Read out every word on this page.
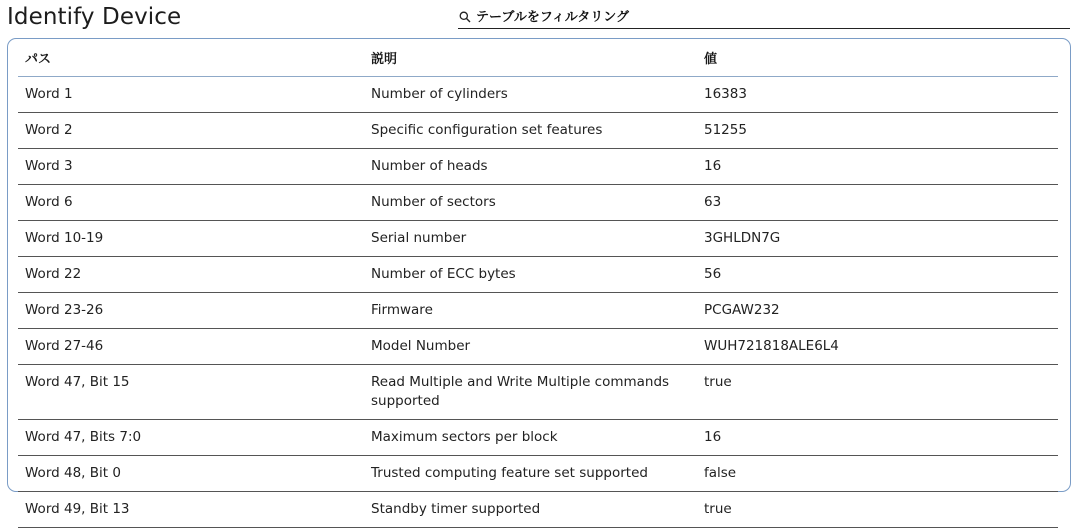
Identify Device
テーブルをフィルタリング
パス	説明	値
Word 1	Number of cylinders	16383
Word 2	Specific configuration set features	51255
Word 3	Number of heads	16
Word 6	Number of sectors	63
Word 10-19	Serial number	3GHLDN7G
Word 22	Number of ECC bytes	56
Word 23-26	Firmware	PCGAW232
Word 27-46	Model Number	WUH721818ALE6L4
Word 47, Bit 15	Read Multiple and Write Multiple commands supported	true
Word 47, Bits 7:0	Maximum sectors per block	16
Word 48, Bit 0	Trusted computing feature set supported	false
Word 49, Bit 13	Standby timer supported	true
